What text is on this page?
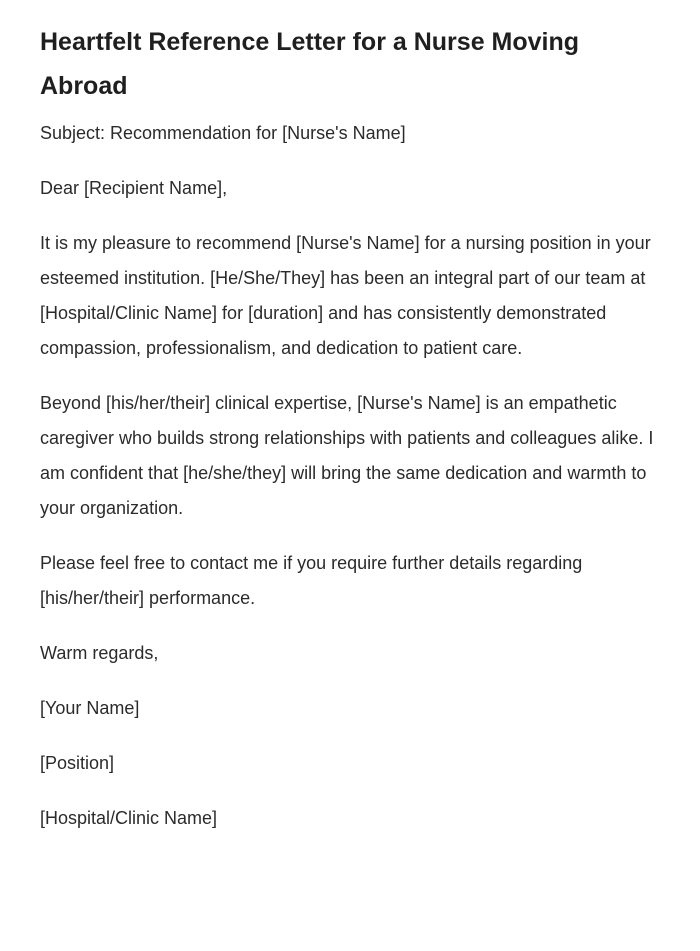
Heartfelt Reference Letter for a Nurse Moving Abroad

Subject: Recommendation for [Nurse's Name]

Dear [Recipient Name],

It is my pleasure to recommend [Nurse's Name] for a nursing position in your esteemed institution. [He/She/They] has been an integral part of our team at [Hospital/Clinic Name] for [duration] and has consistently demonstrated compassion, professionalism, and dedication to patient care.

Beyond [his/her/their] clinical expertise, [Nurse's Name] is an empathetic caregiver who builds strong relationships with patients and colleagues alike. I am confident that [he/she/they] will bring the same dedication and warmth to your organization.

Please feel free to contact me if you require further details regarding [his/her/their] performance.

Warm regards,

[Your Name]

[Position]

[Hospital/Clinic Name]
